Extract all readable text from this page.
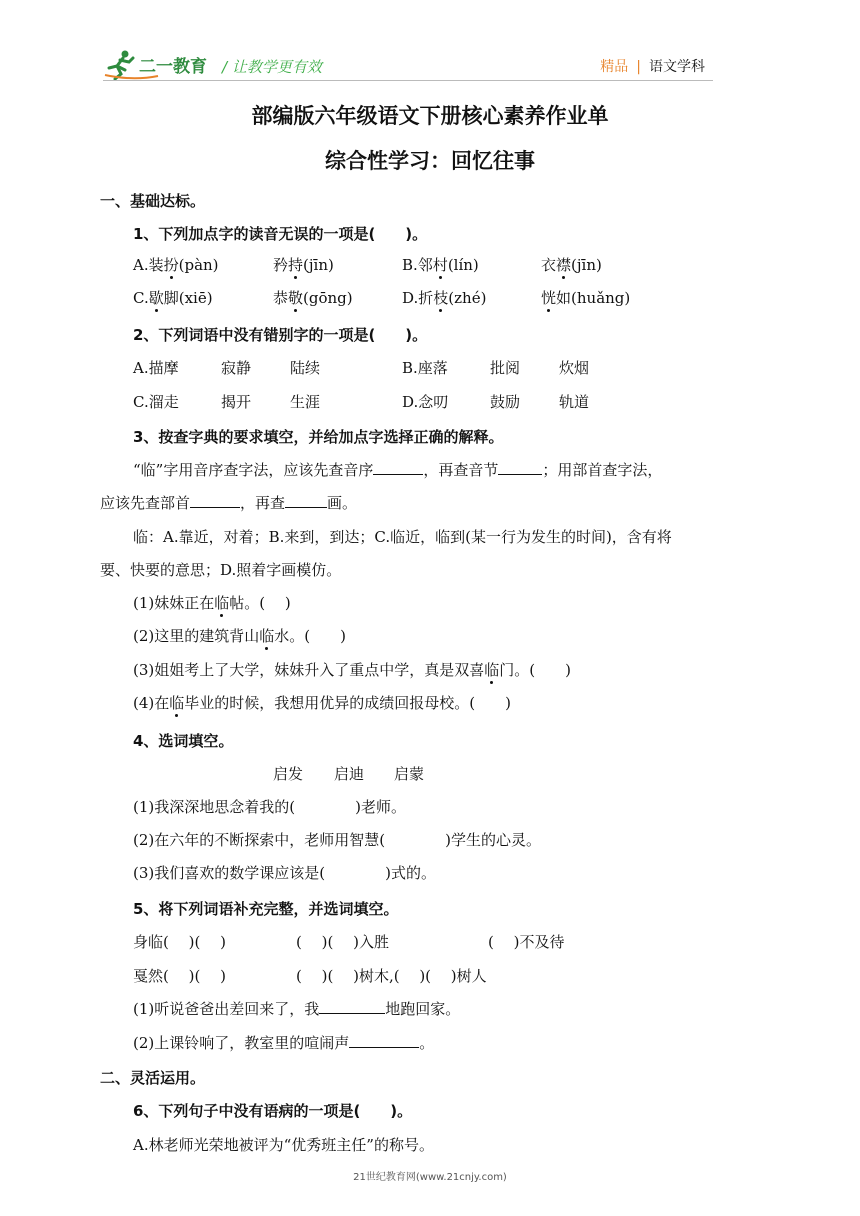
二一教育 / 让教学更有效	精品 | 语文学科
部编版六年级语文下册核心素养作业单
综合性学习：回忆往事
一、基础达标。
1、下列加点字的读音无误的一项是(　　)。
A.装扮(pàn)	矜持(jīn)	B.邻村(lín)	衣襟(jīn)
C.歇脚(xiē)	恭敬(gōng)	D.折枝(zhé)	恍如(huǎng)
2、下列词语中没有错别字的一项是(　　)。
A.描摩	寂静	陆续	B.座落	批阅	炊烟
C.溜走	揭开	生涯	D.念叨	鼓励	轨道
3、按查字典的要求填空，并给加点字选择正确的解释。
“临”字用音序查字法，应该先查音序	，再查音节	；用部首查字法，
应该先查部首	，再查	画。
临：A.靠近，对着；B.来到，到达；C.临近，临到(某一行为发生的时间)，含有将
要、快要的意思；D.照着字画模仿。
(1)妹妹正在临帖。(　 )
(2)这里的建筑背山临水。(　　)
(3)姐姐考上了大学，妹妹升入了重点中学，真是双喜临门。(　　)
(4)在临毕业的时候，我想用优异的成绩回报母校。(　　)
4、选词填空。
启发 启迪 启蒙
(1)我深深地思念着我的(　　　　)老师。
(2)在六年的不断探索中，老师用智慧(　　　　)学生的心灵。
(3)我们喜欢的数学课应该是(　　　　)式的。
5、将下列词语补充完整，并选词填空。
身临(　 )(　 )	(　 )(　 )入胜	(　 )不及待
戛然(　 )(　 )	(　 )(　 )树木,(　 )(　 )树人
(1)听说爸爸出差回来了，我	地跑回家。
(2)上课铃响了，教室里的喧闹声	。
二、灵活运用。
6、下列句子中没有语病的一项是(　　)。
A.林老师光荣地被评为“优秀班主任”的称号。
21世纪教育网(www.21cnjy.com)
